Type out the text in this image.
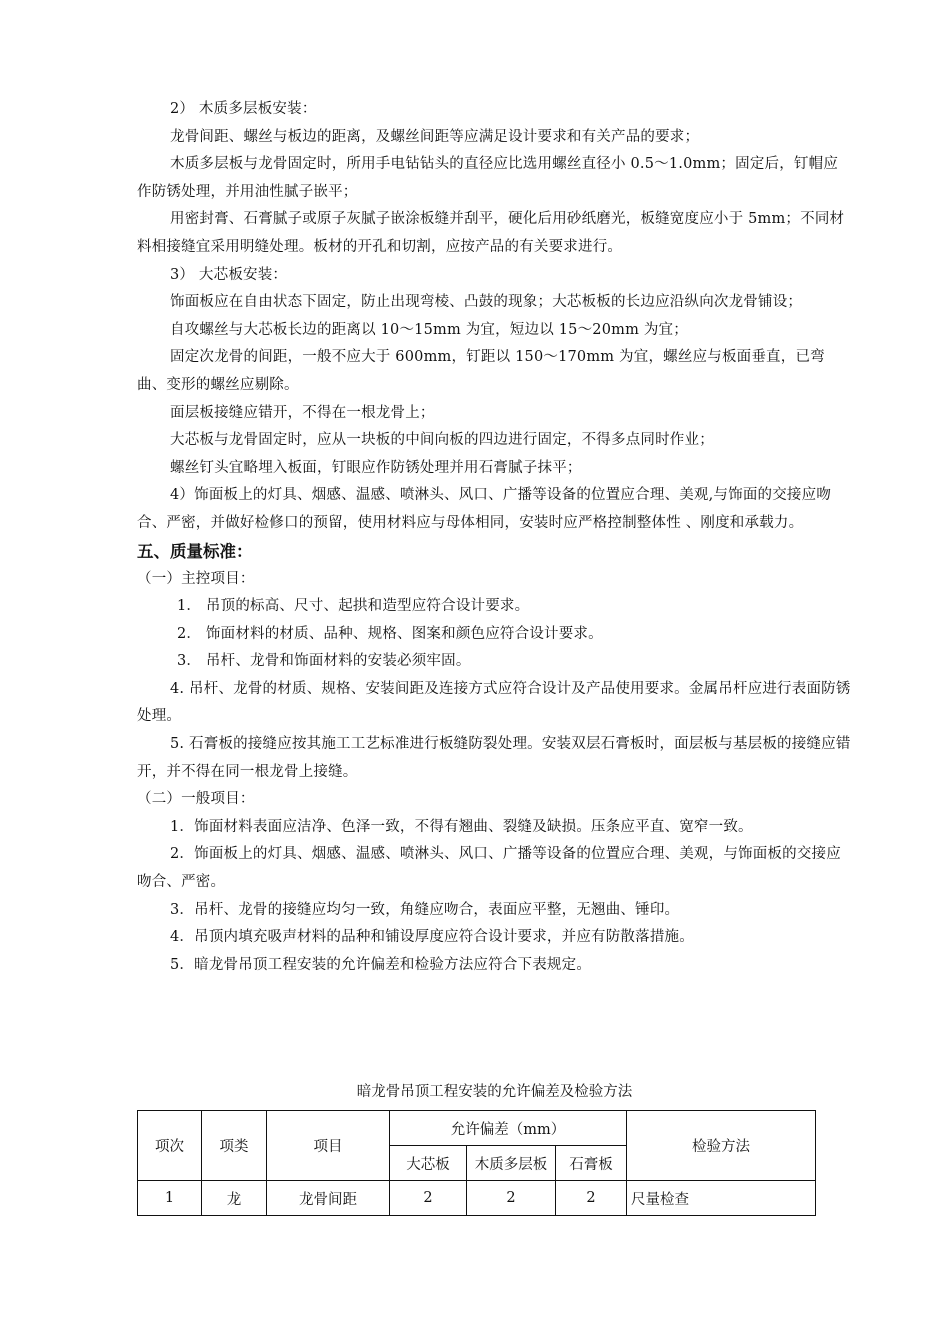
2） 木质多层板安装：

龙骨间距、螺丝与板边的距离，及螺丝间距等应满足设计要求和有关产品的要求；

木质多层板与龙骨固定时，所用手电钻钻头的直径应比选用螺丝直径小 0.5～1.0mm；固定后，钉帽应作防锈处理，并用油性腻子嵌平；

用密封膏、石膏腻子或原子灰腻子嵌涂板缝并刮平，硬化后用砂纸磨光，板缝宽度应小于 5mm；不同材料相接缝宜采用明缝处理。板材的开孔和切割，应按产品的有关要求进行。

3） 大芯板安装：

饰面板应在自由状态下固定，防止出现弯棱、凸鼓的现象；大芯板板的长边应沿纵向次龙骨铺设；

自攻螺丝与大芯板长边的距离以 10～15mm 为宜，短边以 15～20mm 为宜；

固定次龙骨的间距，一般不应大于 600mm，钉距以 150～170mm 为宜，螺丝应与板面垂直，已弯曲、变形的螺丝应剔除。

面层板接缝应错开，不得在一根龙骨上；

大芯板与龙骨固定时，应从一块板的中间向板的四边进行固定，不得多点同时作业；

螺丝钉头宜略埋入板面，钉眼应作防锈处理并用石膏腻子抹平；

4）饰面板上的灯具、烟感、温感、喷淋头、风口、广播等设备的位置应合理、美观,与饰面的交接应吻合、严密，并做好检修口的预留，使用材料应与母体相同，安装时应严格控制整体性 、刚度和承载力。

五、质量标准：

（一）主控项目：

1． 吊顶的标高、尺寸、起拱和造型应符合设计要求。

2． 饰面材料的材质、品种、规格、图案和颜色应符合设计要求。

3． 吊杆、龙骨和饰面材料的安装必须牢固。

4. 吊杆、龙骨的材质、规格、安装间距及连接方式应符合设计及产品使用要求。金属吊杆应进行表面防锈处理。

5. 石膏板的接缝应按其施工工艺标准进行板缝防裂处理。安装双层石膏板时，面层板与基层板的接缝应错开，并不得在同一根龙骨上接缝。

（二）一般项目：

1．饰面材料表面应洁净、色泽一致，不得有翘曲、裂缝及缺损。压条应平直、宽窄一致。

2．饰面板上的灯具、烟感、温感、喷淋头、风口、广播等设备的位置应合理、美观，与饰面板的交接应吻合、严密。

3．吊杆、龙骨的接缝应均匀一致，角缝应吻合，表面应平整，无翘曲、锤印。

4．吊顶内填充吸声材料的品种和铺设厚度应符合设计要求，并应有防散落措施。

5．暗龙骨吊顶工程安装的允许偏差和检验方法应符合下表规定。

暗龙骨吊顶工程安装的允许偏差及检验方法

项次	项类	项目	允许偏差（mm）			检验方法
			大芯板	木质多层板	石膏板	
1	龙	龙骨间距	2	2	2	尺量检查
